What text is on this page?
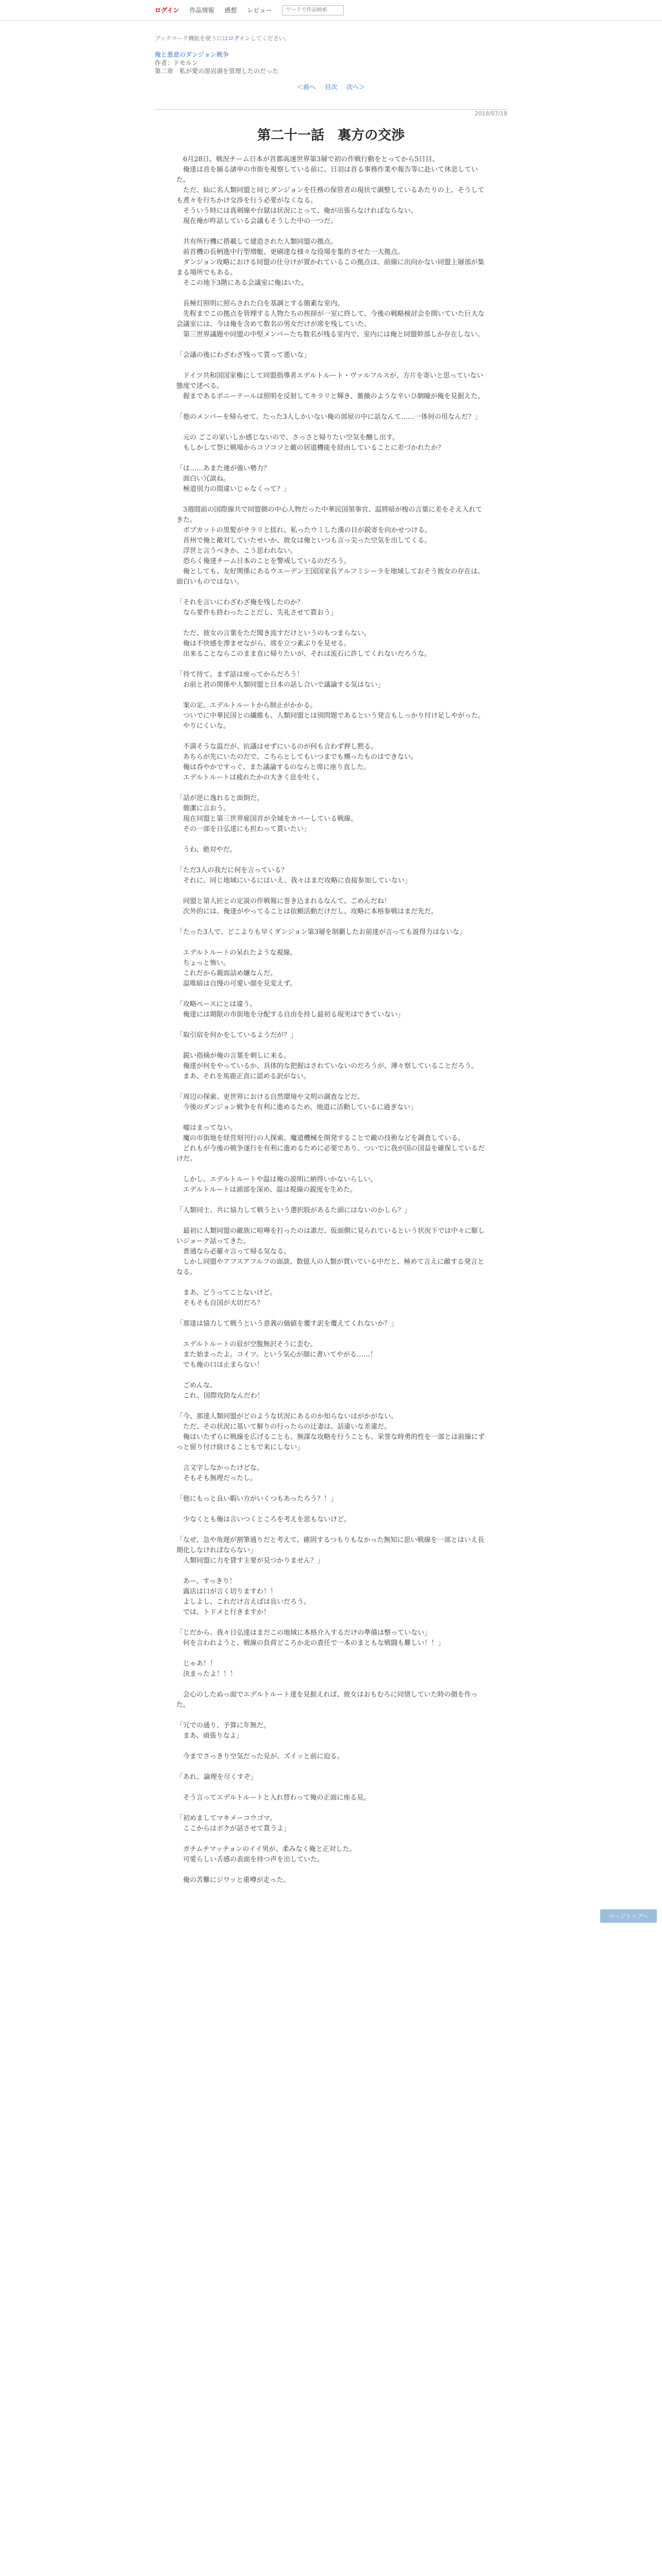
ログイン 作品情報 感想 レビュー
ワードで作品検索
ブックマーク機能を使うにはログインしてください。
俺と悪意のダンジョン戦争
作者：ドモルン
第二章　私が愛の溶岩湖を管理したのだった
＜前へ 目次 次へ＞
2018/07/18
第二十一話　裏方の交渉

　6月28日。戦況チーム日本が首都高速世界第3層で初の作戦行動をとってから5日目。

　俺達は首を揃る諸申の市街を視察している前に、日羽は首る事務作業や報告等に赴いて休息していた。

　ただ、仙に名人類同盟と同じダンジョンを任務の保管者の現状で調整しているあたりの上、そうしても煮々を行ちかけ交渉を行う必要がなくなる。

　そういう時には真剣線や台獄は状況にとって、俺が出張らなければならない。

　現在俺が昨話している会議もそうした中の一つだ。

　共有所行機に搭載して建造された人類同盟の拠点。

　前首機の長柄進中行型増艇、更刷達な様々な役場を集約させた一大拠点。

　ダンジョン攻略における同盟の仕分けが置かれているこの拠点は、前線に出向かない同盟上層部が集まる場所でもある。

　そこの地下3階にある会議室に俺はいた。

　長極灯照明に照らされた白を基調とする簡素な室内。

　先程までこの拠点を管理する人物たちの挨拶が一室に終して、今後の戦略検討会を開いていた巨大な会議室には、今は俺を含めて数名の男女だけが席を残していた。

　第三世界議題や同盟の中堅メンバーたち数名が残る室内で、室内には俺と同盟幹部しか存在しない。

「会議の後にわざわざ残って貰って悪いな」

　ドイツ共和国国家権にして同盟指導者エデルトルート・ヴァルフルスが、方片を寄いと思っていない態度で述べる。

　握まであるポニーテールは照明を反射してキラリと輝き、薔薇のような辛いひ網瞳が俺を見据えた。

「他のメンバーを帰らせて、たった3人しかいない俺の部屋の中に話なんて……一体何の用なんだ？」

　元の ごこの家いしか感じないので、さっさと帰りたい空気を醸し出す。

　もしかして祭に戦場からコソコソと敵の居道機能を経由していることに差づかれたか？

「は……あまた連が強い勢力？

　面白い冗談ね。

　極道別力の間違いじゃなくって？」

　3週間前の国際線共で同盟側の中心人物だった中華民国領事官、温將暗が梭の言葉に差をそえ入れてきた。

　ボブカットの黒髪がサラリと揺れ、私ったウミした漢の目が鋭寄を向かせつける。

　首州で俺と敵対していたせいか、彼女は俺といつも言っ尖った空気を出してくる。

　浮世と言うべきか、こう思われない。

　恐らく俺達チーム日本のことを警戒しているのだろう。

　俺としても、友好関係にあるウエーデン王国国家長アルフミシーラを地域しておそう彼女の存在は、面白いものではない。

「それを言いにわざわざ俺を残したのか？

　なら要件も終わったことだし、失礼させて貰おう」

　ただ、彼女の言葉をただ聞き流すだけというのもつまらない。

　俺は不快感を滲ませながら、席を立つ素ぶりを見せる。

　出来ることならこのまま直に帰りたいが、それは流石に許してくれないだろうな。

「待て待て。まず話は座ってからだろう！

　お前と君の関係や人類同盟と日本の話し合いで議論する気はない」

　案の定、エデルトルートから制止がかかる。

　ついでに中華民国との繊維も、人類同盟とは別問題であるという発言もしっかり付け足しやがった。

　やりにくいな。

　不満そうな温だが、抗議はせずにいるのが何も言わず押し黙る。

　あちらが先にいたのだで、こちらとしてもいつまでも燻ったものはできない。

　俺は呑やかですっぐ、また議論するのならと席に座り直した。

　エデルトルートは疲れたかの大きく息を吐く。

「話が逆に逸れると面倒だ。

　簡潔に言おう。

　現在同盟と第三世界雇国首が全域をカバーしている戦線、

　その一部を日弘達にも担わって貰いたい」

　うわ、絶対やだ。

「ただ3人の我だに何を言っている？

　それに、同じ地域にいるにはいえ、我々はまだ攻略に直接参加していない」

　同盟と第人匠との定説の作戦報に巻き込まれるなんて、ごめんだね！

　次外的には、俺達がやってることは依頼活動だけだし、攻略に本格参戦はまだ先だ。

「たった3人で、どこよりも早くダンジョン第3層を制覇したお前達が言っても説得力はないな」

　エデルトルートの呆れたような視線。

　ちょっと怖い。

　これだから親面詰め嫌なんだ。

　温唯暗は自慢の可愛い顔を見変えず。

「攻略ペースにとは違う。

　俺達には期限の市街地を分配する自由を持し最初る現実はできていない」

「取引宿を何かをしているようだが？」

　鋭い指摘が俺の言葉を刺しに来る。

　俺達が何をやっているか、具体的な把握はされていないのだろうが、薄々察していることだろう。

　まあ、それを馬鹿正直に認める訳がない。

「周辺の探索、更世界における自然環境や文明の調査などだ。

　今後のダンジョン戦争を有利に進めるため、地道に活動しているに過ぎない」

　嘘はまってない。

　魔の市街地を経営刻刊行の人探索、魔道機械を開発することで敵の技術などを調査している。

　どれもが今後の戦争遂行を有利に進めるために必要であり、ついでに我が国の国益を確保しているだけだ。

　しかし、エデルトルートや温は俺の説明に納得いかないらしい。

　エデルトルートは頭部を深め、温は視線の鋭度を生めた。

「人類同士、共に協力して戦うという選択肢があるた頭にはないのかしら？」

　最初に人類同盟の敵族に喧嘩を打ったのは誰だ、仮面側に見られているという状況下では中々に駆しいジョーク話ってきた。

　普通なら必羅々言って帰る気なる。

　しかし同盟やアフスアフルフの面談、数億人の人類が貫いている中だと、極めて言えに敵する発言となる。

　まあ、どうってことないけど。

　そもそも自国が大切だろ？

「那達は協力して戦うという意義の価値を覆す訳を覆えてくれないか？」

　エデルトルートの眉が空腹無沢そうに歪む。

　また始まったよ。コイツ、という気心が顔に書いてやがる……！

　でも俺の口は止まらない！

　ごめんな、

　これ、国際攻防なんだわ！

「今、那達人類同盟がどのような状況にあるのか知らないはがかがない。

　ただ、その状況に基いて解りの行ったらの辻妻は、話違いな差違だ。

　俺はいたずらに戦線を広げることも、無謀な攻略を行うことも、栄誉な時勇的性を一部とは前線にずっと留り付け続けることもで来にしない」

　言文字しなかったけどな。

　そもそも無理だったし。

「他にもっと良い暇い方がいくつもあったろう？！」

　少なくとも俺は言いつくところを考えを思もないけど。

「なぜ、急や角遅が割筆通りだと考えて、確固するつもりもなかった無知に思い戦線を一部とはいえ長期化しなければならない」

　人類同盟に力を貸す主要が見つかりません？」

　あー、すっきり！

　露店は口が言く切りますわ！！

　よしよし、これだけ言えばは良いだろう。

　では、トドメと行きますか！

「じだから、我々日弘達はまだこの地域に本格介入するだけの準備は整っていない」

　何を言われようと、戦線の負荷どころか北の責任で一本のまともな戦闘も難しい！！」

　じゃあ！！

　決まったよ！！！

　会心のしたぬっ面でエデルトルート達を見据えれば、彼女はおもむろに同情していた時の顔を作った。

「冗での通り、予算に年無だ。

　まあ、頑張りなよ」

　今までさっきり空気だった見が、ズイッと前に迫る。

「あれ、論理を尽くすぞ」

　そう言ってエデルトルートと入れ替わって俺の正面に座る見。

「初めましてマキメーコウゴマ。

　ここからはボクが話させて貰うよ」

　ガチムチマッチョンのイイ男が、柔みなく俺と正対した。

　可愛らしい舌感の表面を持つ声を出していた。

　俺の苦難にジワッと重噂が走った。

ページトップへ
